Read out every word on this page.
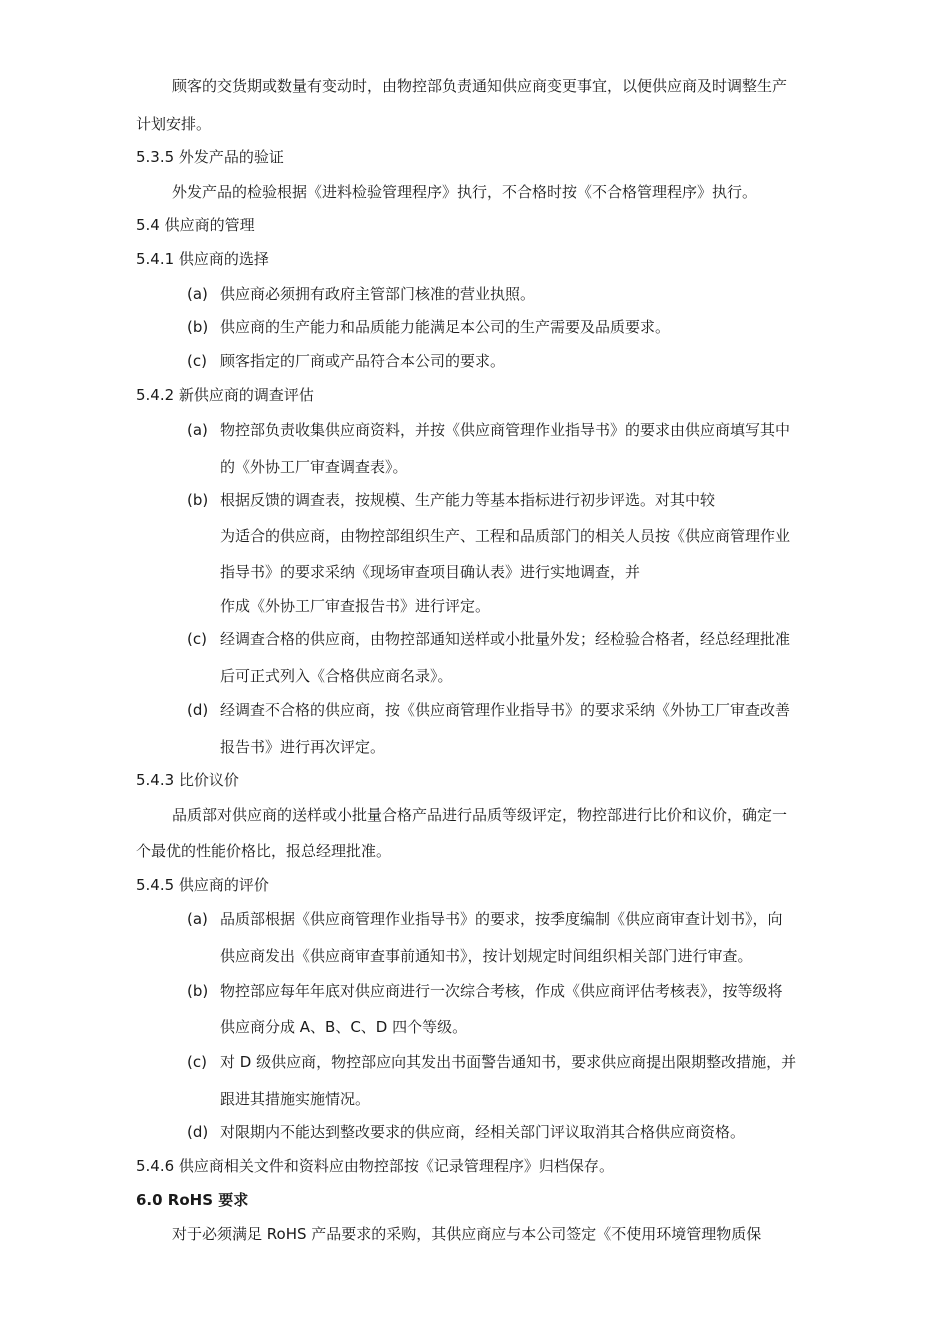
顾客的交货期或数量有变动时，由物控部负责通知供应商变更事宜，以便供应商及时调整生产
计划安排。
5.3.5 外发产品的验证
外发产品的检验根据《进料检验管理程序》执行，不合格时按《不合格管理程序》执行。
5.4 供应商的管理
5.4.1 供应商的选择
(a) 供应商必须拥有政府主管部门核准的营业执照。
(b) 供应商的生产能力和品质能力能满足本公司的生产需要及品质要求。
(c) 顾客指定的厂商或产品符合本公司的要求。
5.4.2 新供应商的调查评估
(a) 物控部负责收集供应商资料，并按《供应商管理作业指导书》的要求由供应商填写其中
的《外协工厂审查调查表》。
(b) 根据反馈的调查表，按规模、生产能力等基本指标进行初步评选。对其中较
为适合的供应商，由物控部组织生产、工程和品质部门的相关人员按《供应商管理作业
指导书》的要求采纳《现场审查项目确认表》进行实地调查，并
作成《外协工厂审查报告书》进行评定。
(c) 经调查合格的供应商，由物控部通知送样或小批量外发；经检验合格者，经总经理批准
后可正式列入《合格供应商名录》。
(d) 经调查不合格的供应商，按《供应商管理作业指导书》的要求采纳《外协工厂审查改善
报告书》进行再次评定。
5.4.3 比价议价
品质部对供应商的送样或小批量合格产品进行品质等级评定，物控部进行比价和议价，确定一
个最优的性能价格比，报总经理批准。
5.4.5 供应商的评价
(a) 品质部根据《供应商管理作业指导书》的要求，按季度编制《供应商审查计划书》，向
供应商发出《供应商审查事前通知书》，按计划规定时间组织相关部门进行审查。
(b) 物控部应每年年底对供应商进行一次综合考核，作成《供应商评估考核表》，按等级将
供应商分成 A、B、C、D 四个等级。
(c) 对 D 级供应商，物控部应向其发出书面警告通知书，要求供应商提出限期整改措施，并
跟进其措施实施情况。
(d) 对限期内不能达到整改要求的供应商，经相关部门评议取消其合格供应商资格。
5.4.6 供应商相关文件和资料应由物控部按《记录管理程序》归档保存。
6.0 RoHS 要求
对于必须满足 RoHS 产品要求的采购，其供应商应与本公司签定《不使用环境管理物质保
